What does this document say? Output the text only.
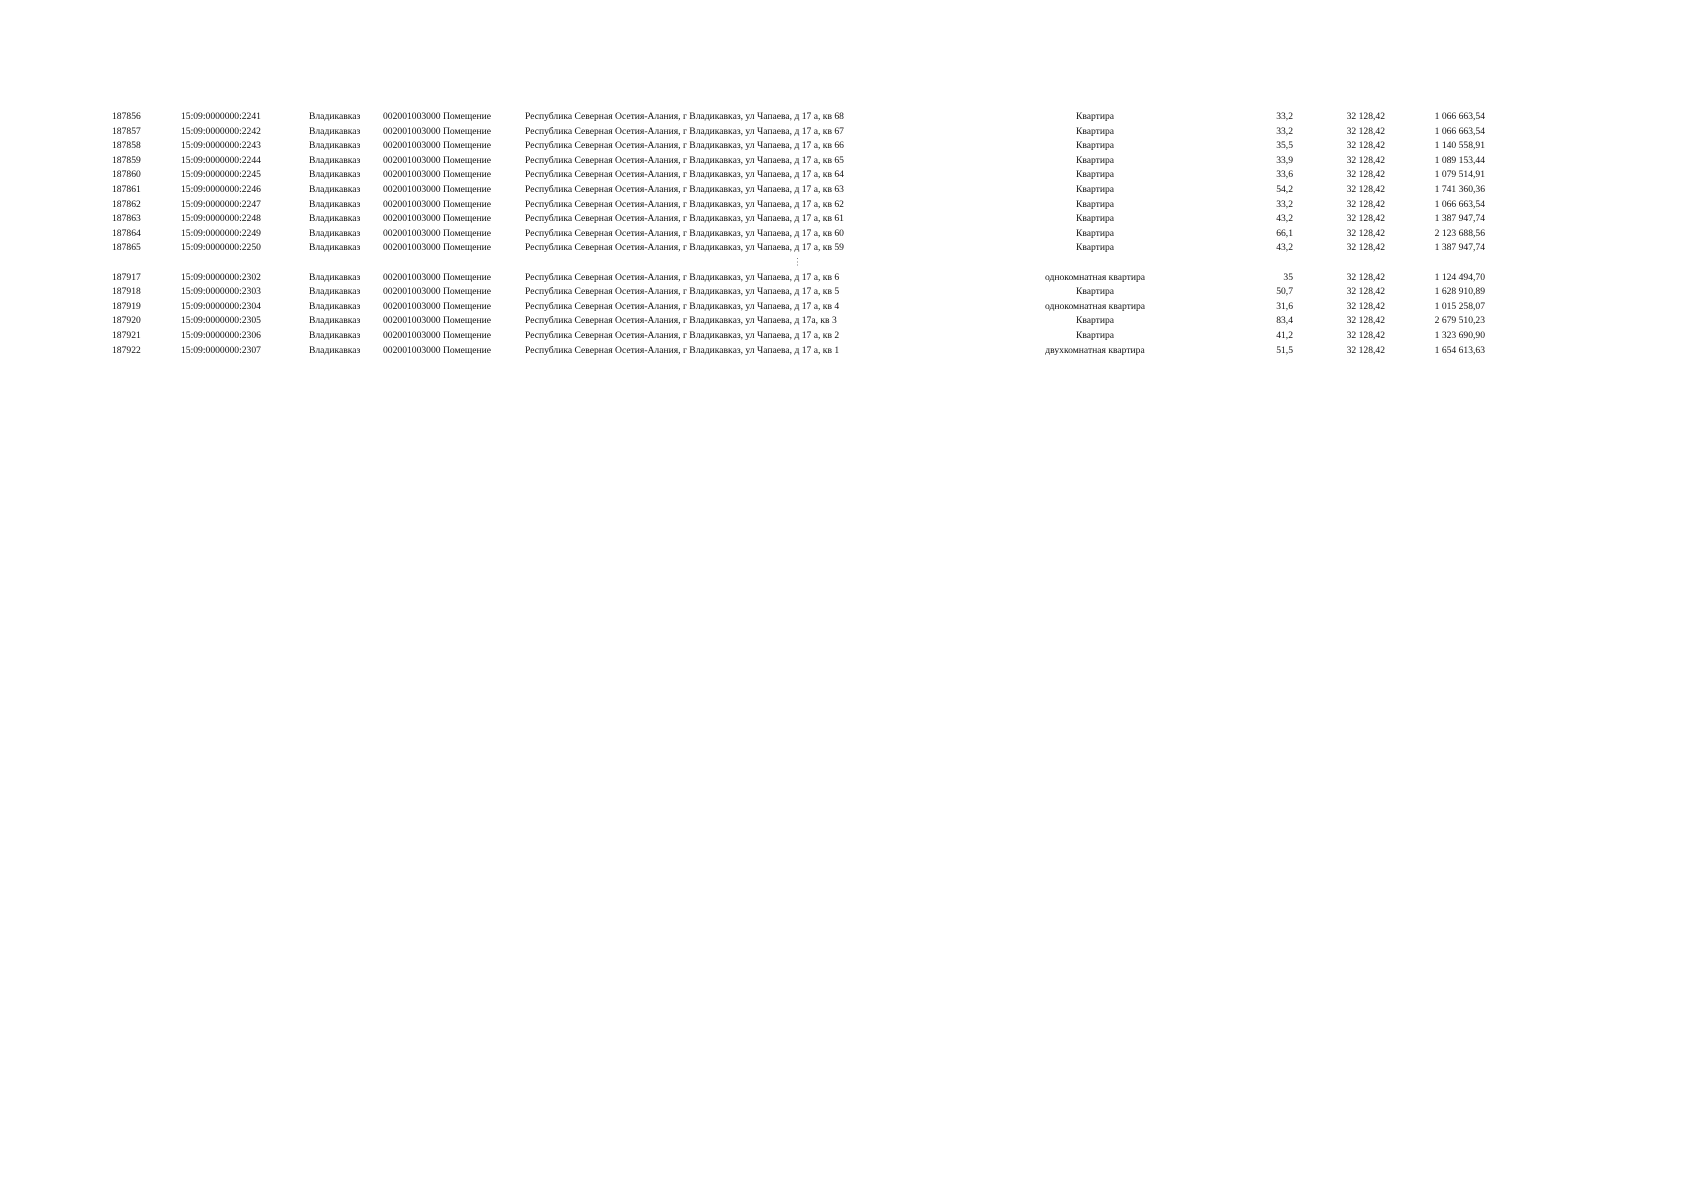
187856	15:09:0000000:2241	Владикавказ	002001003000 Помещение	Республика Северная Осетия-Алания, г Владикавказ, ул Чапаева, д 17 а, кв 68	Квартира	33,2	32 128,42	1 066 663,54
187857	15:09:0000000:2242	Владикавказ	002001003000 Помещение	Республика Северная Осетия-Алания, г Владикавказ, ул Чапаева, д 17 а, кв 67	Квартира	33,2	32 128,42	1 066 663,54
187858	15:09:0000000:2243	Владикавказ	002001003000 Помещение	Республика Северная Осетия-Алания, г Владикавказ, ул Чапаева, д 17 а, кв 66	Квартира	35,5	32 128,42	1 140 558,91
187859	15:09:0000000:2244	Владикавказ	002001003000 Помещение	Республика Северная Осетия-Алания, г Владикавказ, ул Чапаева, д 17 а, кв 65	Квартира	33,9	32 128,42	1 089 153,44
187860	15:09:0000000:2245	Владикавказ	002001003000 Помещение	Республика Северная Осетия-Алания, г Владикавказ, ул Чапаева, д 17 а, кв 64	Квартира	33,6	32 128,42	1 079 514,91
187861	15:09:0000000:2246	Владикавказ	002001003000 Помещение	Республика Северная Осетия-Алания, г Владикавказ, ул Чапаева, д 17 а, кв 63	Квартира	54,2	32 128,42	1 741 360,36
187862	15:09:0000000:2247	Владикавказ	002001003000 Помещение	Республика Северная Осетия-Алания, г Владикавказ, ул Чапаева, д 17 а, кв 62	Квартира	33,2	32 128,42	1 066 663,54
187863	15:09:0000000:2248	Владикавказ	002001003000 Помещение	Республика Северная Осетия-Алания, г Владикавказ, ул Чапаева, д 17 а, кв 61	Квартира	43,2	32 128,42	1 387 947,74
187864	15:09:0000000:2249	Владикавказ	002001003000 Помещение	Республика Северная Осетия-Алания, г Владикавказ, ул Чапаева, д 17 а, кв 60	Квартира	66,1	32 128,42	2 123 688,56
187865	15:09:0000000:2250	Владикавказ	002001003000 Помещение	Республика Северная Осетия-Алания, г Владикавказ, ул Чапаева, д 17 а, кв 59	Квартира	43,2	32 128,42	1 387 947,74
⋮								
187917	15:09:0000000:2302	Владикавказ	002001003000 Помещение	Республика Северная Осетия-Алания, г Владикавказ, ул Чапаева, д 17 а, кв 6	однокомнатная квартира	35	32 128,42	1 124 494,70
187918	15:09:0000000:2303	Владикавказ	002001003000 Помещение	Республика Северная Осетия-Алания, г Владикавказ, ул Чапаева, д 17 а, кв 5	Квартира	50,7	32 128,42	1 628 910,89
187919	15:09:0000000:2304	Владикавказ	002001003000 Помещение	Республика Северная Осетия-Алания, г Владикавказ, ул Чапаева, д 17 а, кв 4	однокомнатная квартира	31,6	32 128,42	1 015 258,07
187920	15:09:0000000:2305	Владикавказ	002001003000 Помещение	Республика Северная Осетия-Алания, г Владикавказ, ул Чапаева, д 17а, кв 3	Квартира	83,4	32 128,42	2 679 510,23
187921	15:09:0000000:2306	Владикавказ	002001003000 Помещение	Республика Северная Осетия-Алания, г Владикавказ, ул Чапаева, д 17 а, кв 2	Квартира	41,2	32 128,42	1 323 690,90
187922	15:09:0000000:2307	Владикавказ	002001003000 Помещение	Республика Северная Осетия-Алания, г Владикавказ, ул Чапаева, д 17 а, кв 1	двухкомнатная квартира	51,5	32 128,42	1 654 613,63
